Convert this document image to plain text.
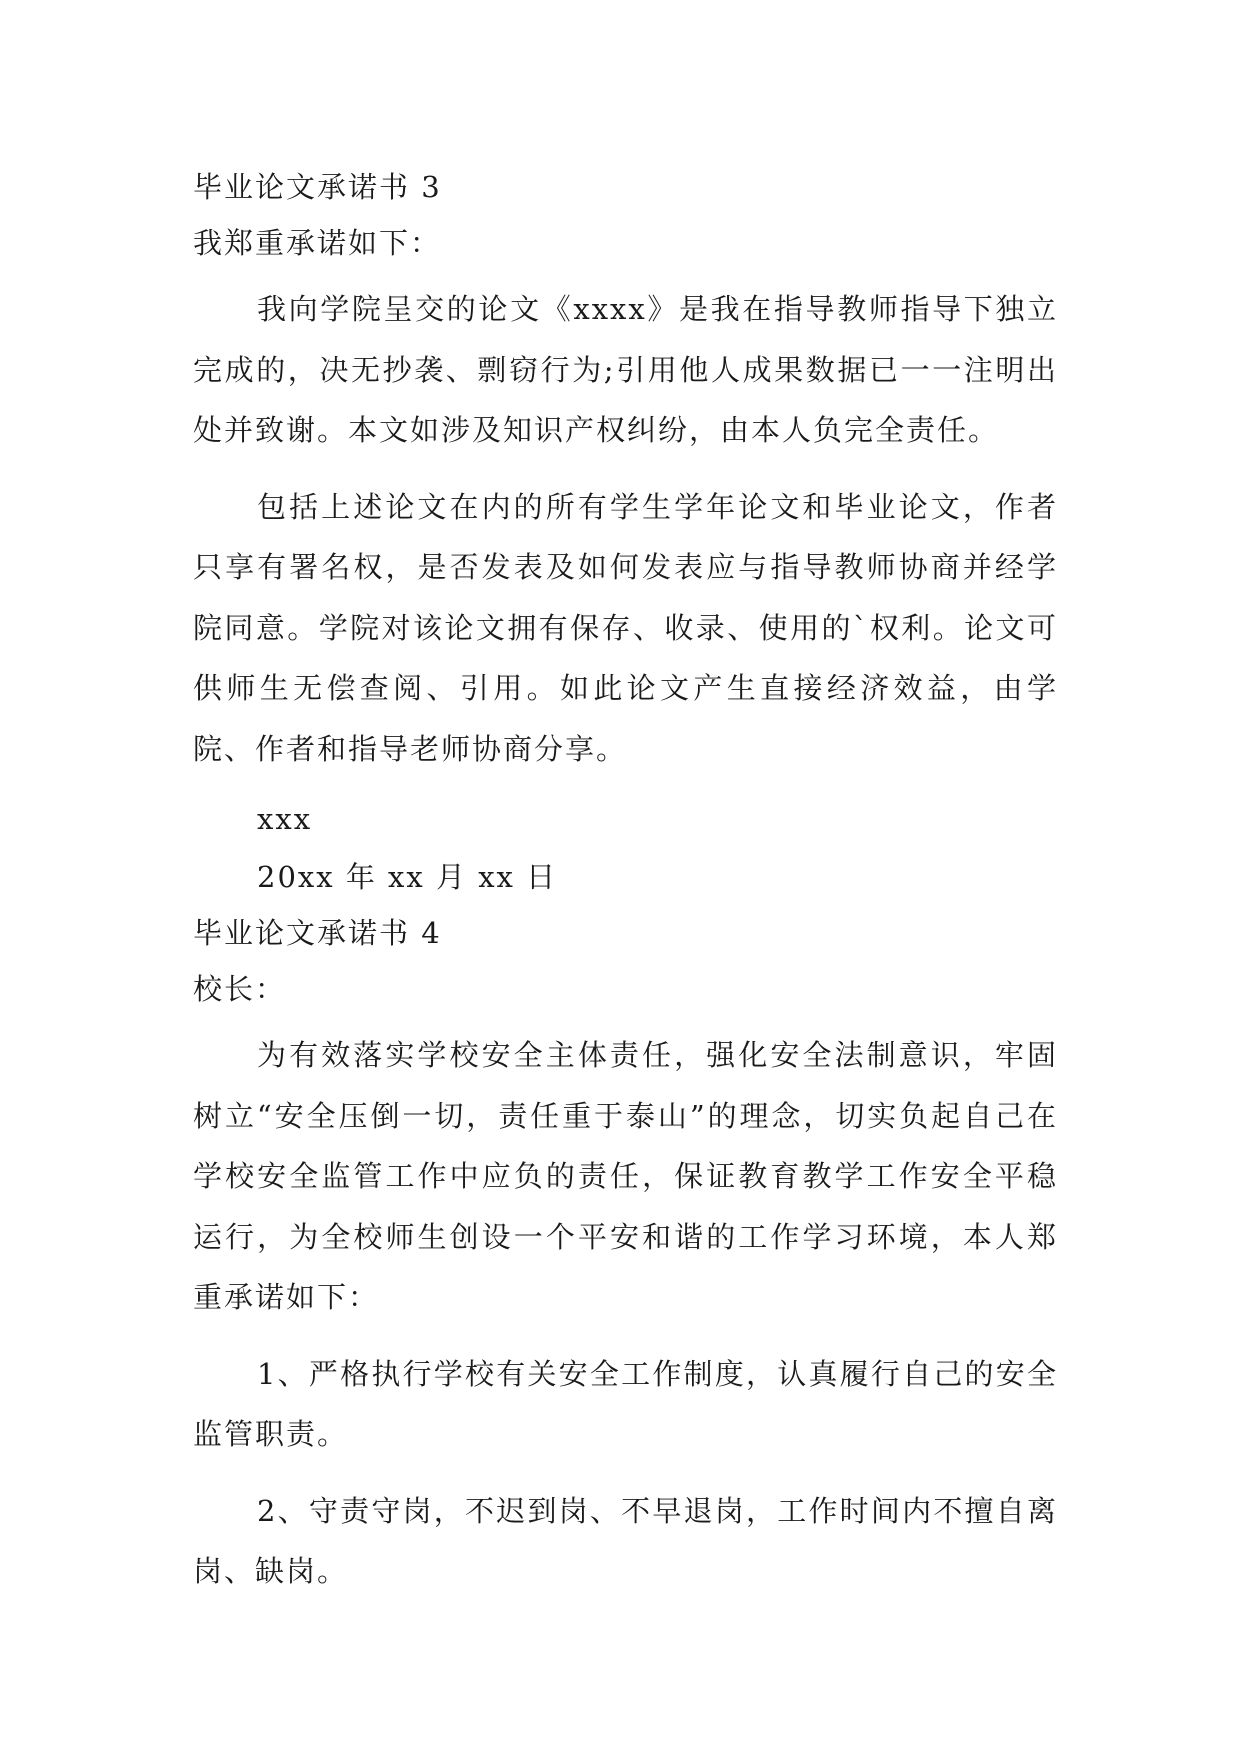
毕业论文承诺书 3

我郑重承诺如下：

我向学院呈交的论文《xxxx》是我在指导教师指导下独立完成的，决无抄袭、剽窃行为;引用他人成果数据已一一注明出处并致谢。本文如涉及知识产权纠纷，由本人负完全责任。

包括上述论文在内的所有学生学年论文和毕业论文，作者只享有署名权，是否发表及如何发表应与指导教师协商并经学院同意。学院对该论文拥有保存、收录、使用的`权利。论文可供师生无偿查阅、引用。如此论文产生直接经济效益，由学院、作者和指导老师协商分享。

xxx

20xx 年 xx 月 xx 日

毕业论文承诺书 4

校长：

为有效落实学校安全主体责任，强化安全法制意识，牢固树立“安全压倒一切，责任重于泰山”的理念，切实负起自己在学校安全监管工作中应负的责任，保证教育教学工作安全平稳运行，为全校师生创设一个平安和谐的工作学习环境，本人郑重承诺如下：

1、严格执行学校有关安全工作制度，认真履行自己的安全监管职责。

2、守责守岗，不迟到岗、不早退岗，工作时间内不擅自离岗、缺岗。
